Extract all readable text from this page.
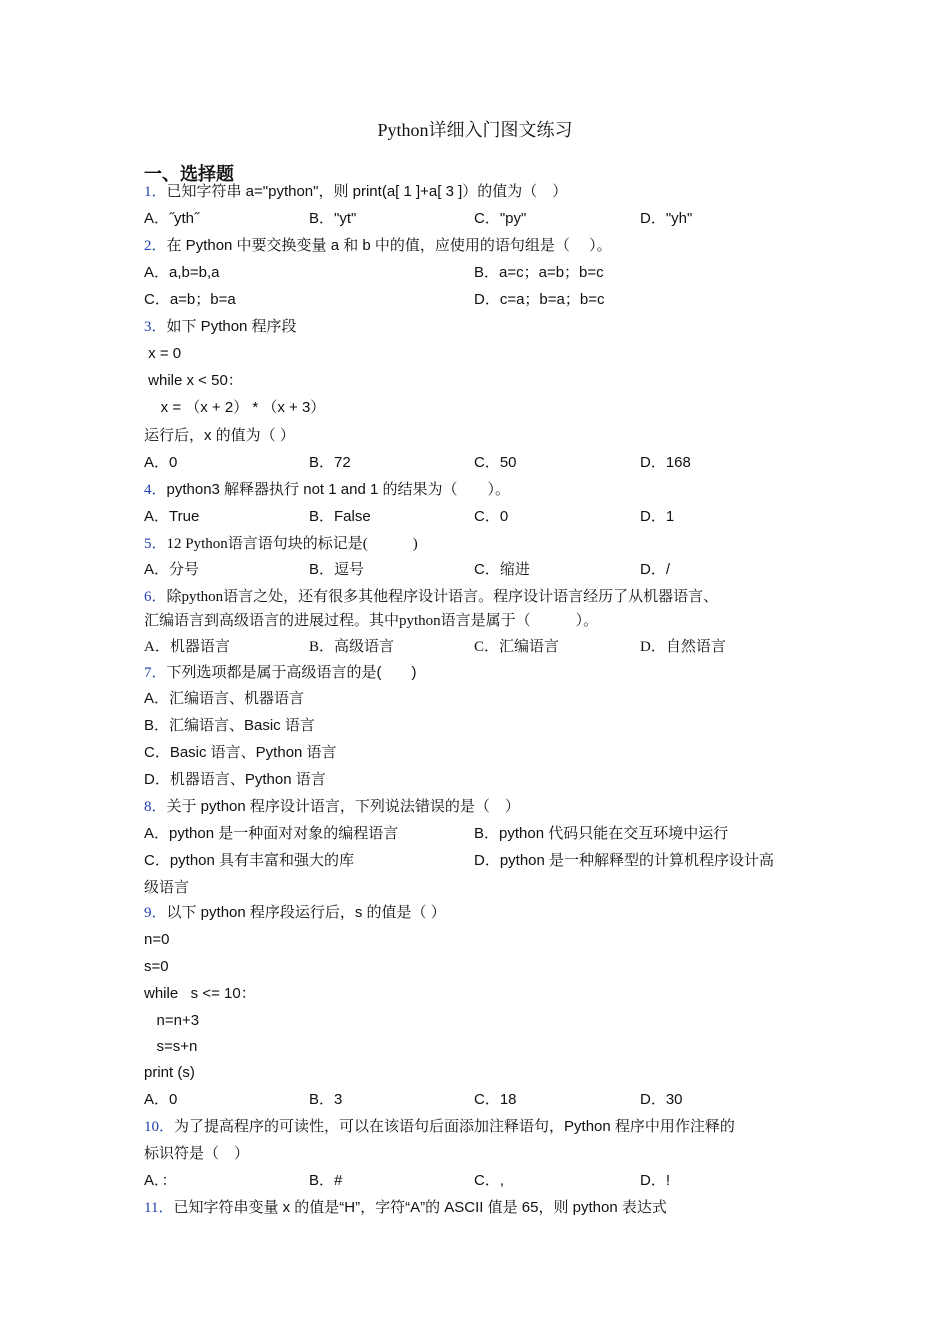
Python详细入门图文练习
一、选择题
1．已知字符串 a="python"，则 print(a[ 1 ]+a[ 3 ]）的值为（　）
A．˝yth˝	B．"yt"	C．"py"	D．"yh"
2．在 Python 中要交换变量 a 和 b 中的值，应使用的语句组是（　 ）。
A．a,b=b,a	B．a=c；a=b；b=c
C．a=b；b=a	D．c=a；b=a；b=c
3．如下 Python 程序段
x = 0
while x < 50：
x = （x + 2） * （x + 3）
运行后，x 的值为（ ）
A．0	B．72	C．50	D．168
4．python3 解释器执行 not 1 and 1 的结果为（　　）。
A．True	B．False	C．0	D．1
5．12 Python语言语句块的标记是(　　　)
A．分号	B．逗号	C．缩进	D．/
6．除python语言之处，还有很多其他程序设计语言。程序设计语言经历了从机器语言、
汇编语言到高级语言的进展过程。其中python语言是属于（　　　）。
A．机器语言	B．高级语言	C．汇编语言	D．自然语言
7．下列选项都是属于高级语言的是(　　)
A．汇编语言、机器语言
B．汇编语言、Basic 语言
C．Basic 语言、Python 语言
D．机器语言、Python 语言
8．关于 python 程序设计语言，下列说法错误的是（　）
A．python 是一种面对对象的编程语言	B．python 代码只能在交互环境中运行
C．python 具有丰富和强大的库	D．python 是一种解释型的计算机程序设计高
级语言
9．以下 python 程序段运行后，s 的值是（ ）
n=0
s=0
while   s <= 10：
n=n+3
s=s+n
print (s)
A．0	B．3	C．18	D．30
10．为了提高程序的可读性，可以在该语句后面添加注释语句，Python 程序中用作注释的
标识符是（　）
A．：	B．#	C．,	D．!
11．已知字符串变量 x 的值是“H”，字符“A”的 ASCII 值是 65，则 python 表达式
